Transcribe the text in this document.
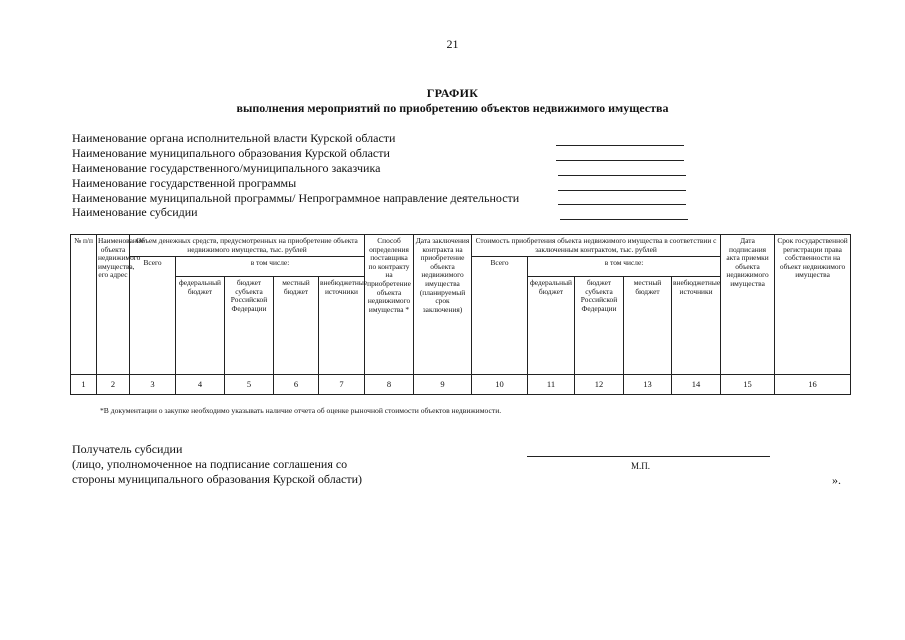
21
ГРАФИК
выполнения мероприятий по приобретению объектов недвижимого имущества
Наименование органа исполнительной власти Курской области
Наименование муниципального образования Курской области
Наименование государственного/муниципального заказчика
Наименование государственной программы
Наименование муниципальной программы/ Непрограммное направление деятельности
Наименование субсидии
№ п/п	Наименование объекта недвижимого имущества, его адрес	Объем денежных средств, предусмотренных на приобретение объекта недвижимого имущества, тыс. рублей					Способ определения поставщика по контракту на приобретение объекта недвижимого имущества *	Дата заключения контракта на приобретение объекта недвижимого имущества (планируемый срок заключения)	Стоимость приобретения объекта недвижимого имущества в соответствии с заключенным контрактом, тыс. рублей					Дата подписания акта приемки объекта недвижимого имущества	Срок государственной регистрации права собственности на объект недвижимого имущества
		Всего	в том числе:						Всего	в том числе:					
			федеральный бюджет	бюджет субъекта Российской Федерации	местный бюджет	внебюджетные источники				федеральный бюджет	бюджет субъекта Российской Федерации	местный бюджет	внебюджетные источники		
1	2	3	4	5	6	7	8	9	10	11	12	13	14	15	16
*В документации о закупке необходимо указывать наличие отчета об оценке рыночной стоимости объектов недвижимости.
Получатель субсидии
(лицо, уполномоченное на подписание соглашения со
стороны муниципального образования Курской области)
М.П.
».
